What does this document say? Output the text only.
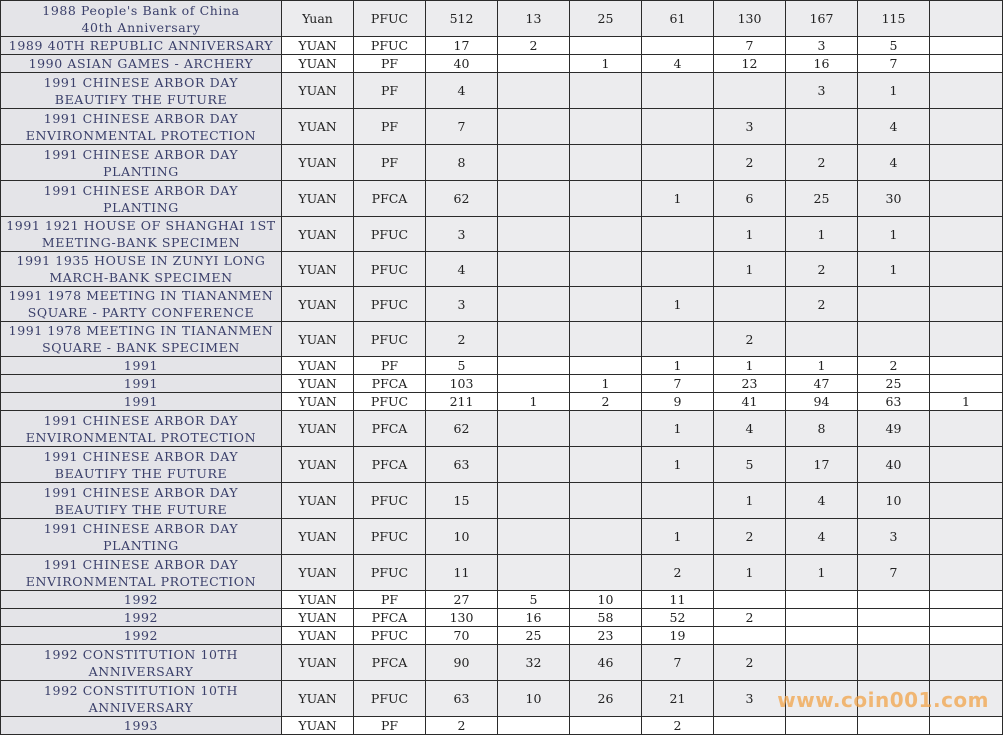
1988 People's Bank of China
40th Anniversary	Yuan	PFUC	512	13	25	61	130	167	115	

1989 40TH REPUBLIC ANNIVERSARY	YUAN	PFUC	17	2			7	3	5	

1990 ASIAN GAMES - ARCHERY	YUAN	PF	40		1	4	12	16	7	

1991 CHINESE ARBOR DAY
BEAUTIFY THE FUTURE	YUAN	PF	4					3	1	

1991 CHINESE ARBOR DAY
ENVIRONMENTAL PROTECTION	YUAN	PF	7				3		4	

1991 CHINESE ARBOR DAY
PLANTING	YUAN	PF	8				2	2	4	

1991 CHINESE ARBOR DAY
PLANTING	YUAN	PFCA	62			1	6	25	30	

1991 1921 HOUSE OF SHANGHAI 1ST
MEETING-BANK SPECIMEN	YUAN	PFUC	3				1	1	1	

1991 1935 HOUSE IN ZUNYI LONG
MARCH-BANK SPECIMEN	YUAN	PFUC	4				1	2	1	

1991 1978 MEETING IN TIANANMEN
SQUARE - PARTY CONFERENCE	YUAN	PFUC	3			1		2		

1991 1978 MEETING IN TIANANMEN
SQUARE - BANK SPECIMEN	YUAN	PFUC	2				2			

1991	YUAN	PF	5			1	1	1	2	

1991	YUAN	PFCA	103		1	7	23	47	25	

1991	YUAN	PFUC	211	1	2	9	41	94	63	1

1991 CHINESE ARBOR DAY
ENVIRONMENTAL PROTECTION	YUAN	PFCA	62			1	4	8	49	

1991 CHINESE ARBOR DAY
BEAUTIFY THE FUTURE	YUAN	PFCA	63			1	5	17	40	

1991 CHINESE ARBOR DAY
BEAUTIFY THE FUTURE	YUAN	PFUC	15				1	4	10	

1991 CHINESE ARBOR DAY
PLANTING	YUAN	PFUC	10			1	2	4	3	

1991 CHINESE ARBOR DAY
ENVIRONMENTAL PROTECTION	YUAN	PFUC	11			2	1	1	7	

1992	YUAN	PF	27	5	10	11				

1992	YUAN	PFCA	130	16	58	52	2			

1992	YUAN	PFUC	70	25	23	19				

1992 CONSTITUTION 10TH
ANNIVERSARY	YUAN	PFCA	90	32	46	7	2			

1992 CONSTITUTION 10TH
ANNIVERSARY	YUAN	PFUC	63	10	26	21	3			

1993	YUAN	PF	2			2				
www.coin001.com
